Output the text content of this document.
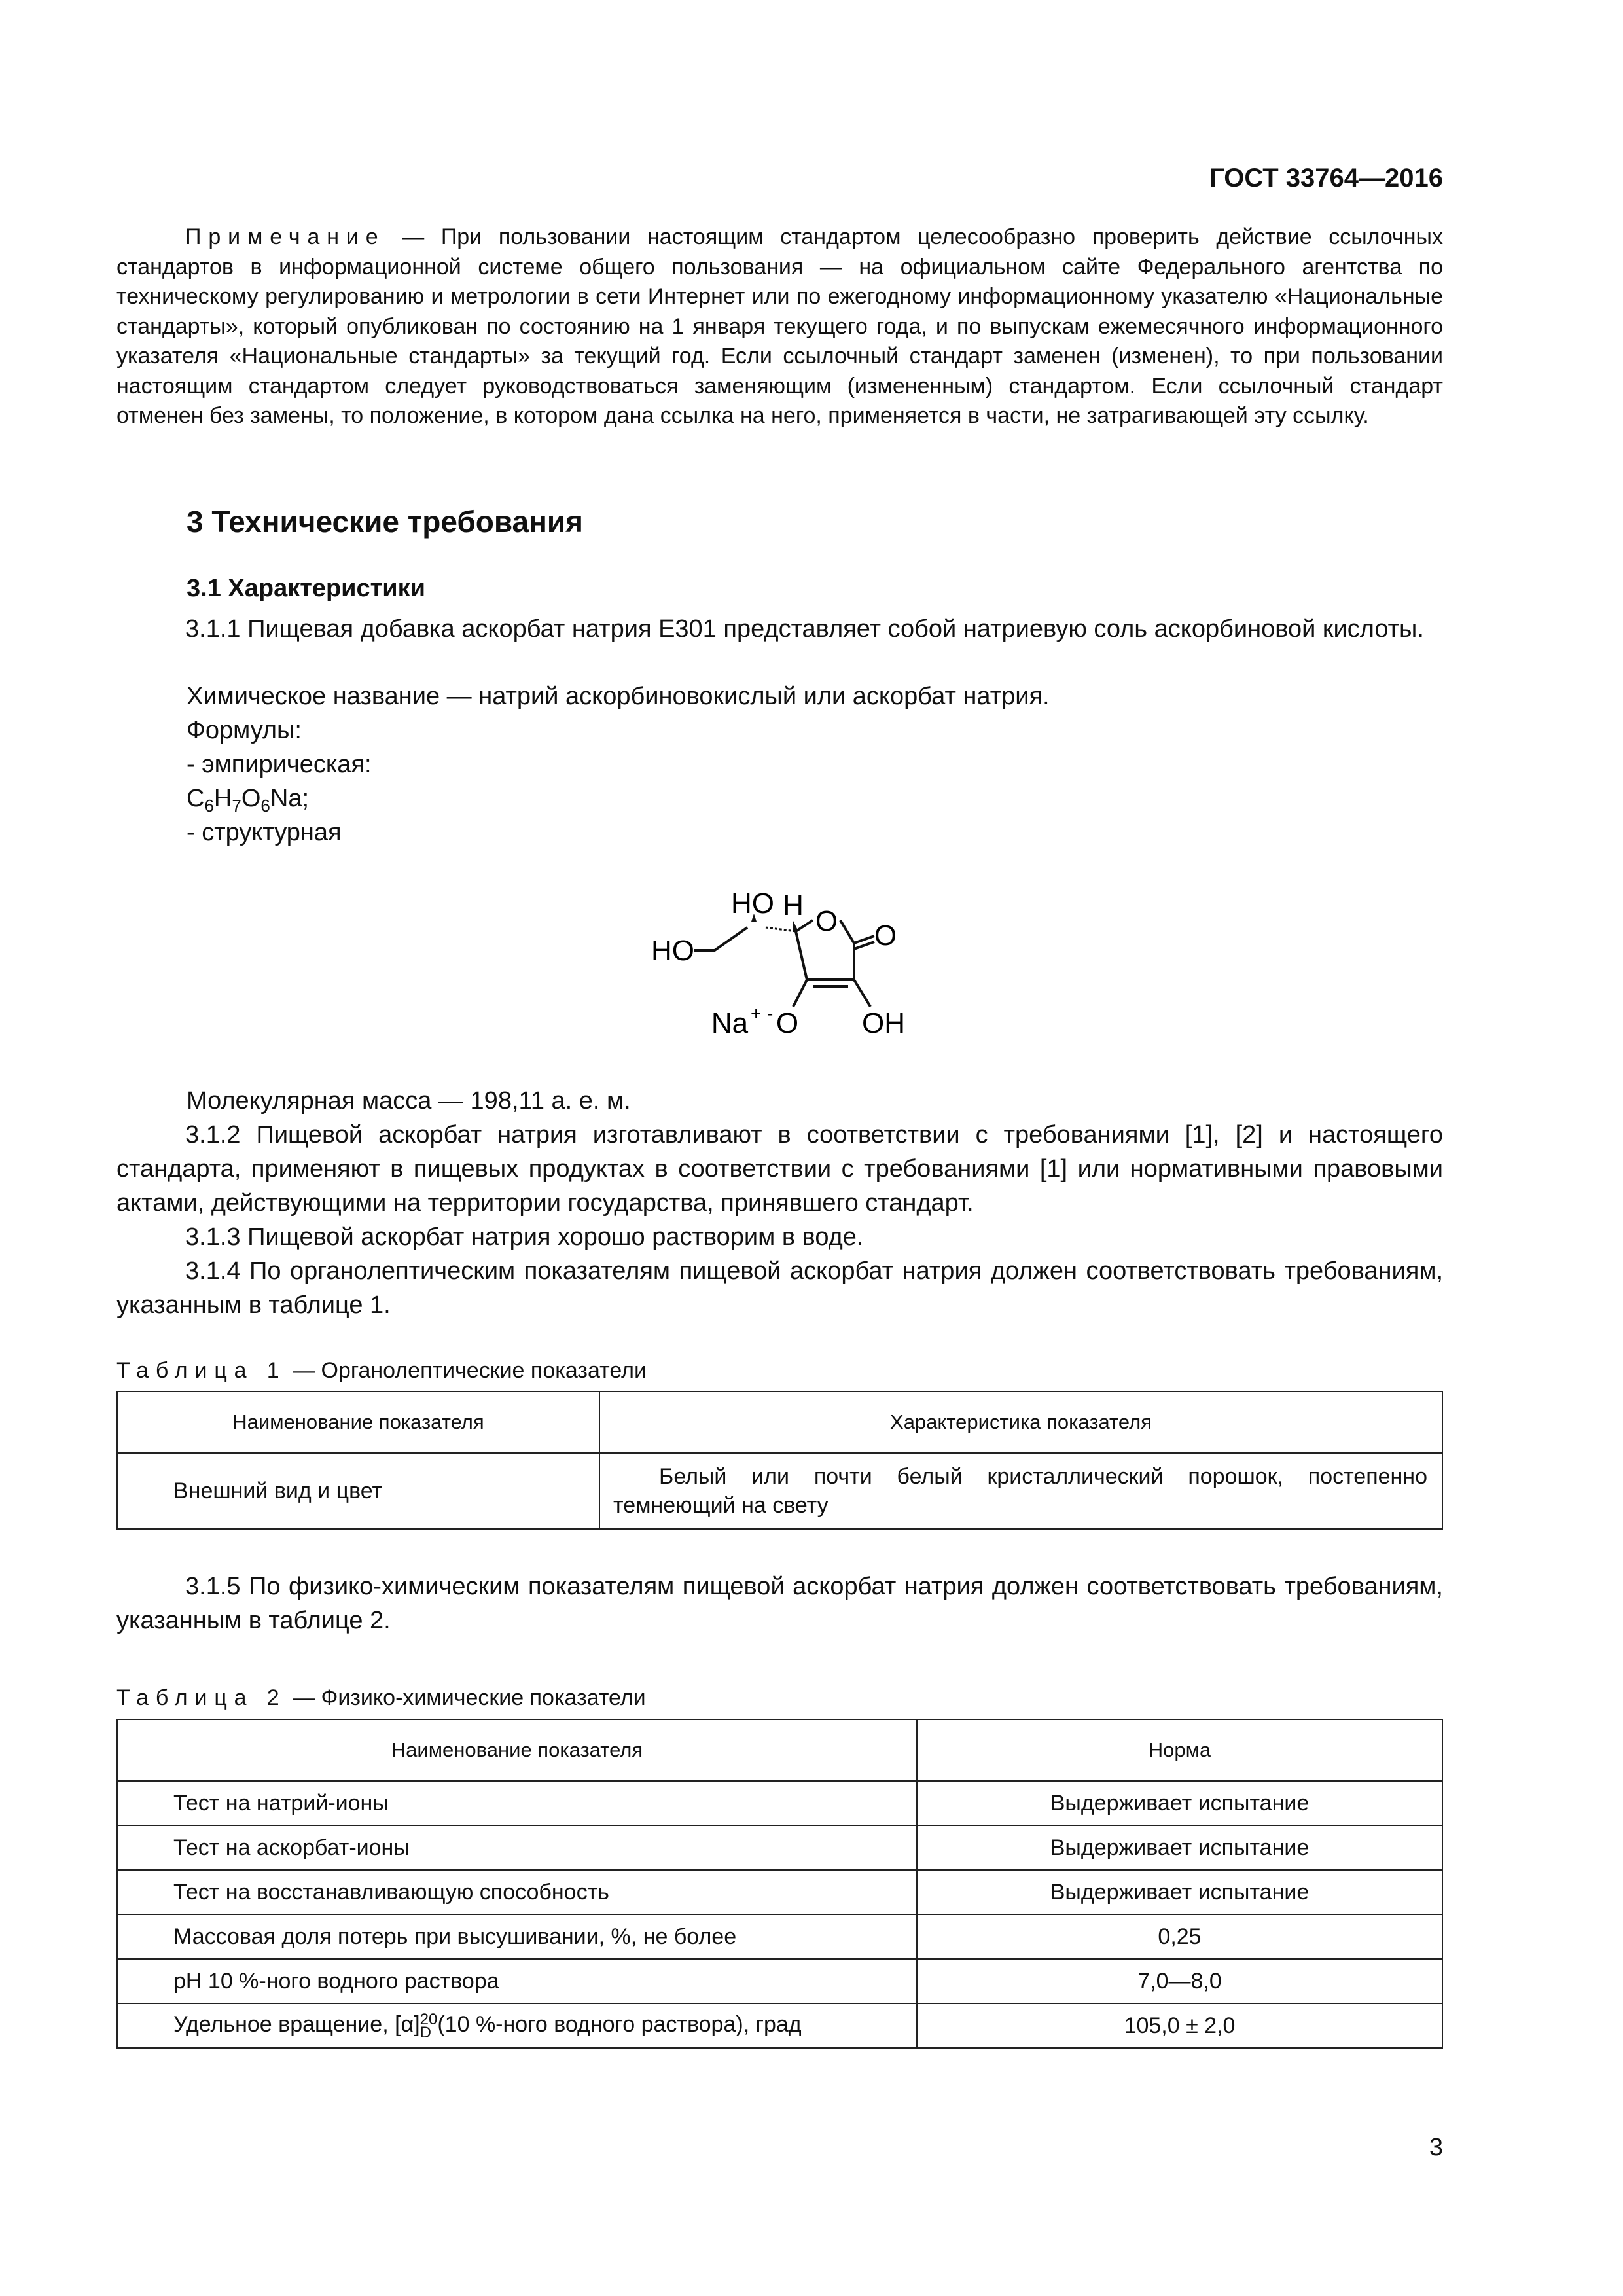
ГОСТ 33764—2016
Примечание — При пользовании настоящим стандартом целесообразно проверить действие ссылочных стандартов в информационной системе общего пользования — на официальном сайте Федерального агентства по техническому регулированию и метрологии в сети Интернет или по ежегодному информационному указателю «Национальные стандарты», который опубликован по состоянию на 1 января текущего года, и по выпускам ежемесячного информационного указателя «Национальные стандарты» за текущий год. Если ссылочный стандарт заменен (изменен), то при пользовании настоящим стандартом следует руководствоваться заменяющим (измененным) стандартом. Если ссылочный стандарт отменен без замены, то положение, в котором дана ссылка на него, применяется в части, не затрагивающей эту ссылку.
3 Технические требования
3.1 Характеристики
3.1.1 Пищевая добавка аскорбат натрия Е301 представляет собой натриевую соль аскорбиновой кислоты.
Химическое название — натрий аскорбиновокислый или аскорбат натрия.
Формулы:
- эмпирическая:
$C_6H_7O_6Na$;
- структурная
HO H
HO
O O
Na + - O OH
Молекулярная масса — 198,11 а. е. м.
3.1.2 Пищевой аскорбат натрия изготавливают в соответствии с требованиями [1], [2] и настоящего стандарта, применяют в пищевых продуктах в соответствии с требованиями [1] или нормативными правовыми актами, действующими на территории государства, принявшего стандарт.
3.1.3 Пищевой аскорбат натрия хорошо растворим в воде.
3.1.4 По органолептическим показателям пищевой аскорбат натрия должен соответствовать требованиям, указанным в таблице 1.
Таблица 1 — Органолептические показатели
Наименование показателя	Характеристика показателя
Внешний вид и цвет	Белый или почти белый кристаллический порошок, постепенно темнеющий на свету
3.1.5 По физико-химическим показателям пищевой аскорбат натрия должен соответствовать требованиям, указанным в таблице 2.
Таблица 2 — Физико-химические показатели
Наименование показателя	Норма
Тест на натрий-ионы	Выдерживает испытание
Тест на аскорбат-ионы	Выдерживает испытание
Тест на восстанавливающую способность	Выдерживает испытание
Массовая доля потерь при высушивании, %, не более	0,25
рН 10 %-ного водного раствора	7,0—8,0
Удельное вращение, [α] 20
D (10 %-ного водного раствора), град	105,0 ± 2,0
3
